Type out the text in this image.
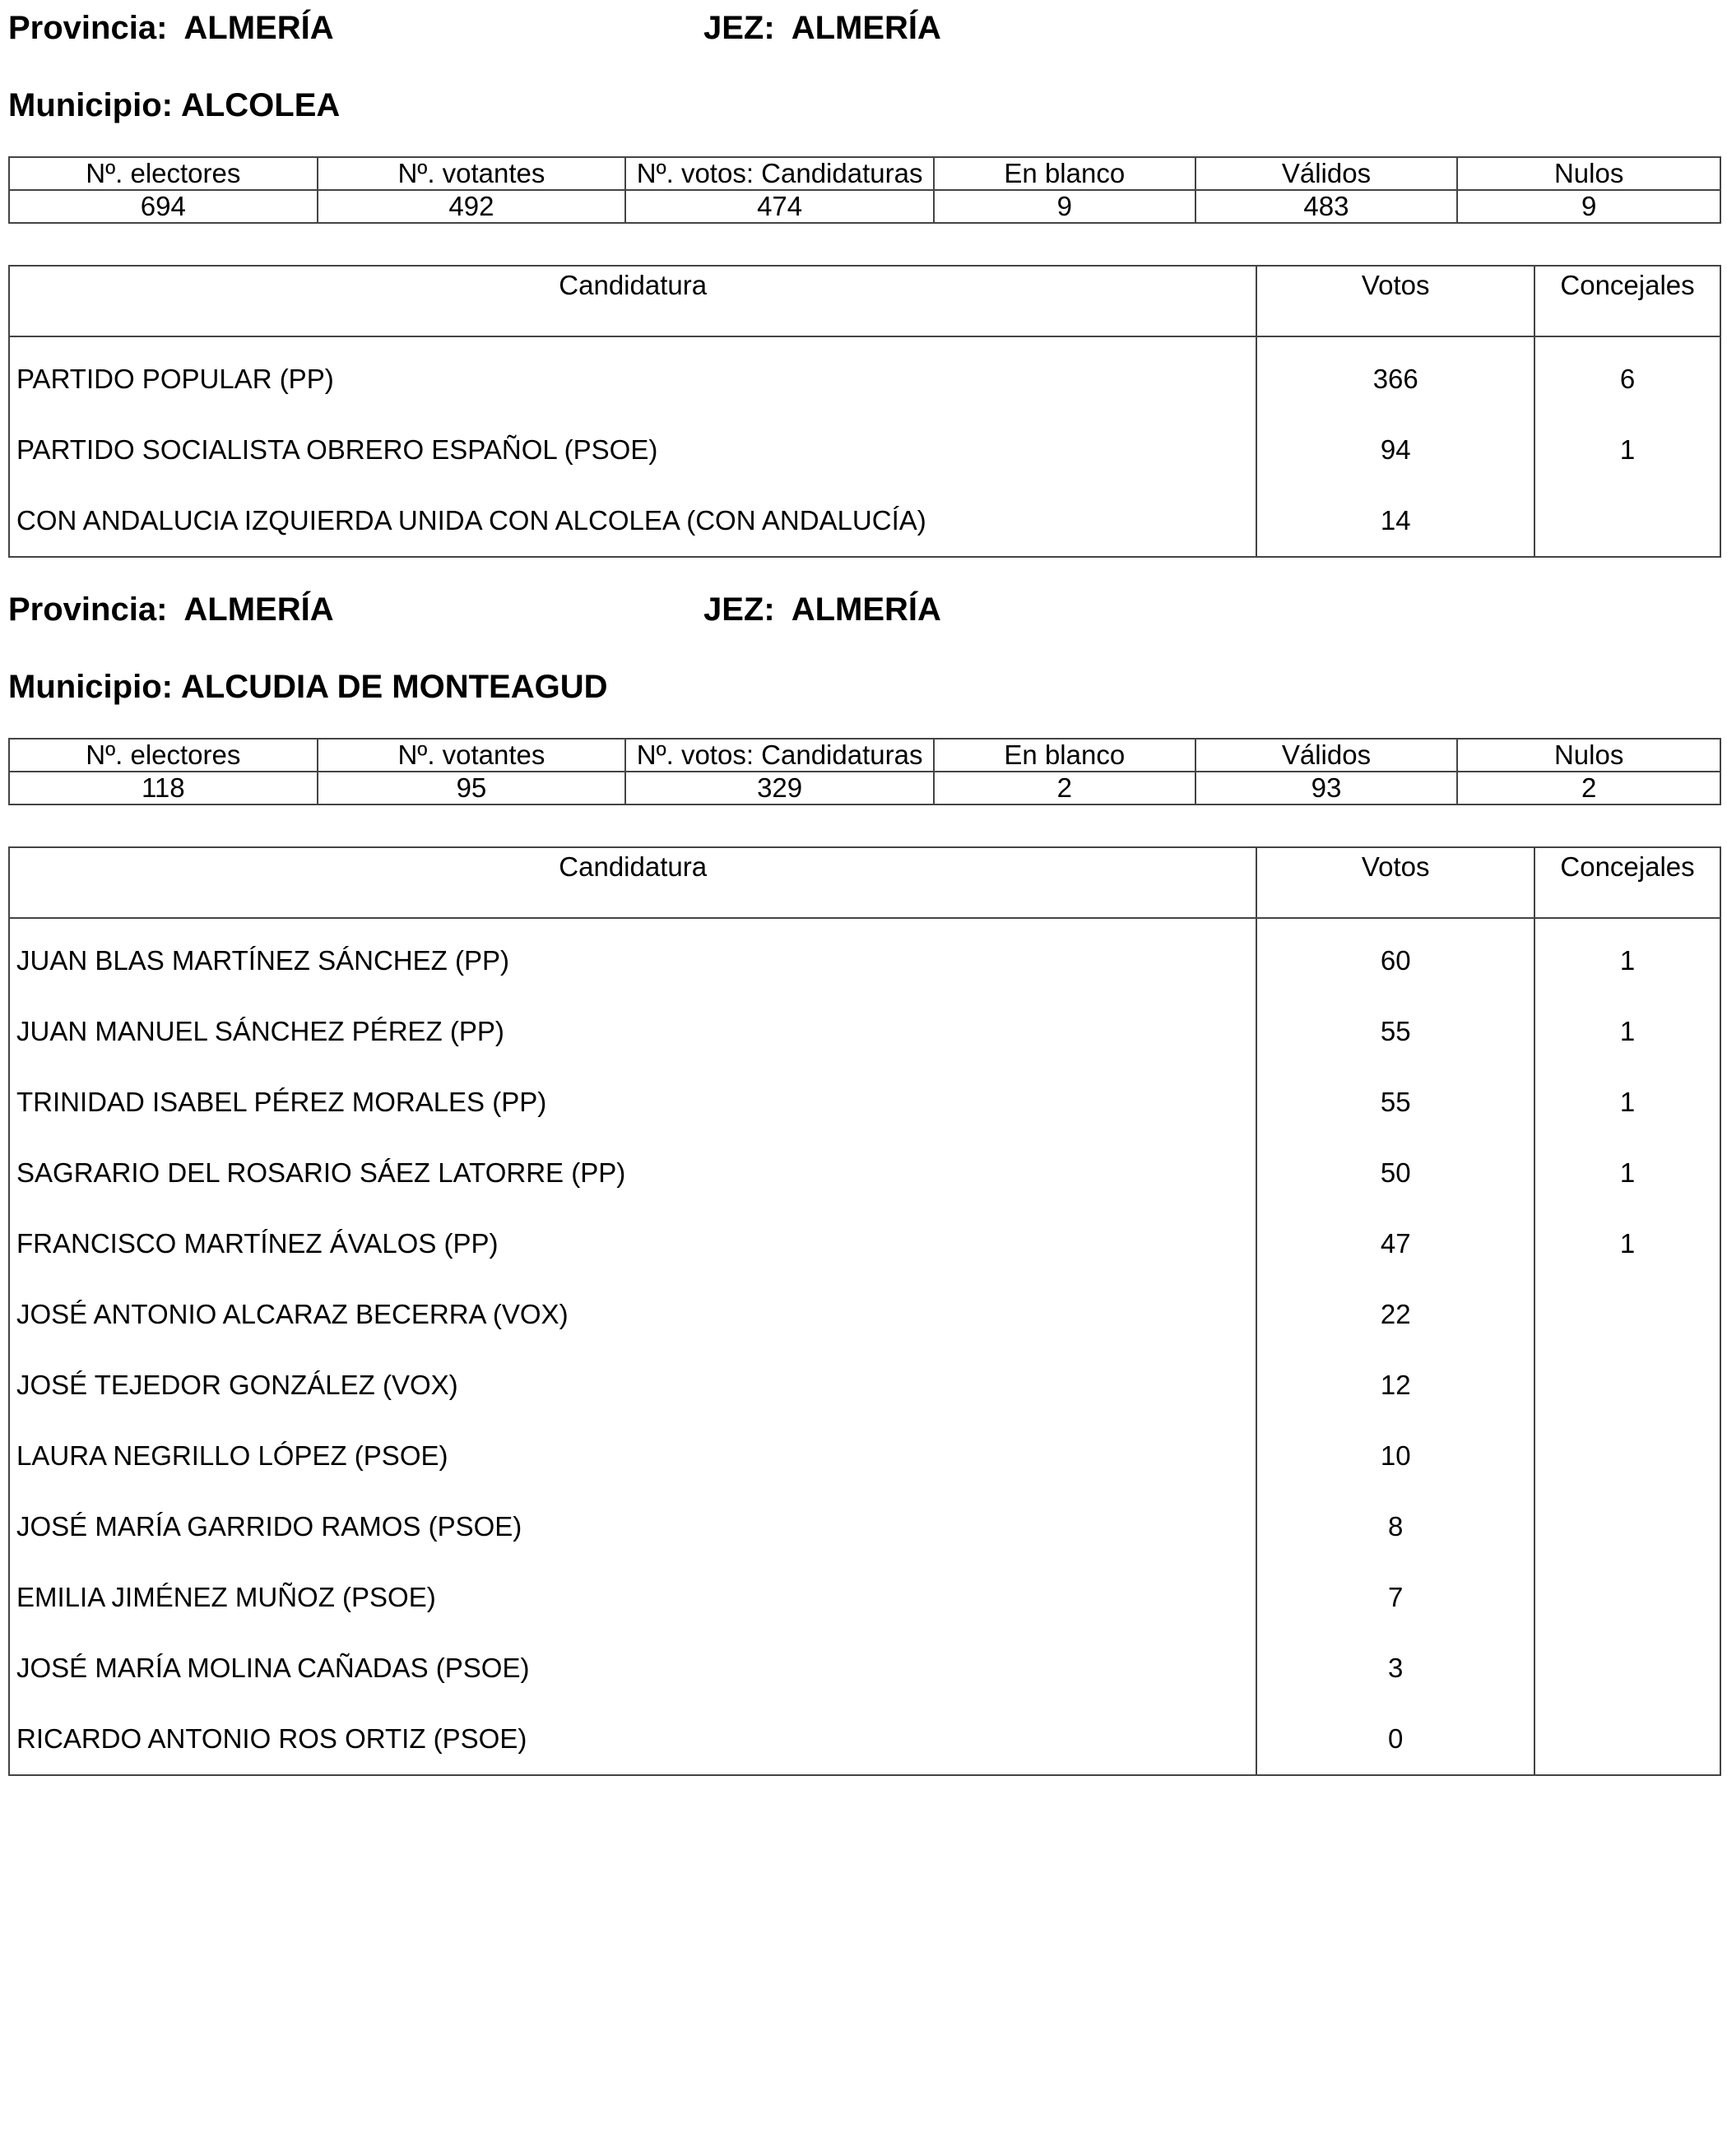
Provincia: ALMERÍA	JEZ: ALMERÍA
Municipio: ALCOLEA
Nº. electores	Nº. votantes	Nº. votos: Candidaturas	En blanco	Válidos	Nulos
694	492	474	9	483	9
Candidatura	Votos	Concejales
PARTIDO POPULAR (PP)	366	6
PARTIDO SOCIALISTA OBRERO ESPAÑOL (PSOE)	94	1
CON ANDALUCIA IZQUIERDA UNIDA CON ALCOLEA (CON ANDALUCÍA)	14	
Provincia: ALMERÍA	JEZ: ALMERÍA
Municipio: ALCUDIA DE MONTEAGUD
Nº. electores	Nº. votantes	Nº. votos: Candidaturas	En blanco	Válidos	Nulos
118	95	329	2	93	2
Candidatura	Votos	Concejales
JUAN BLAS MARTÍNEZ SÁNCHEZ (PP)	60	1
JUAN MANUEL SÁNCHEZ PÉREZ (PP)	55	1
TRINIDAD ISABEL PÉREZ MORALES (PP)	55	1
SAGRARIO DEL ROSARIO SÁEZ LATORRE (PP)	50	1
FRANCISCO MARTÍNEZ ÁVALOS (PP)	47	1
JOSÉ ANTONIO ALCARAZ BECERRA (VOX)	22	
JOSÉ TEJEDOR GONZÁLEZ (VOX)	12	
LAURA NEGRILLO LÓPEZ (PSOE)	10	
JOSÉ MARÍA GARRIDO RAMOS (PSOE)	8	
EMILIA JIMÉNEZ MUÑOZ (PSOE)	7	
JOSÉ MARÍA MOLINA CAÑADAS (PSOE)	3	
RICARDO ANTONIO ROS ORTIZ (PSOE)	0	
